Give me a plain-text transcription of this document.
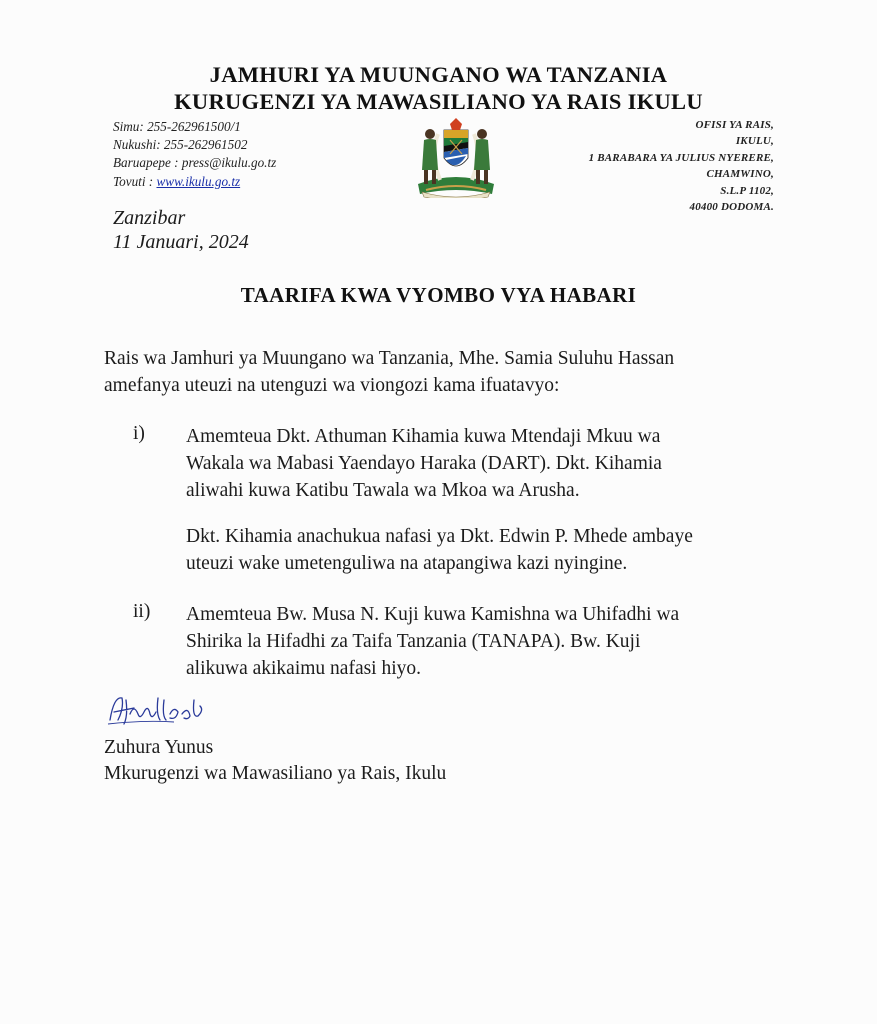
JAMHURI YA MUUNGANO WA TANZANIA
KURUGENZI YA MAWASILIANO YA RAIS IKULU
Simu: 255-262961500/1
Nukushi: 255-262961502
Baruapepe : press@ikulu.go.tz
Tovuti : www.ikulu.go.tz
OFISI YA RAIS,
IKULU,
1 BARABARA YA JULIUS NYERERE,
CHAMWINO,
S.L.P 1102,
40400 DODOMA.
Zanzibar
11 Januari, 2024
TAARIFA KWA VYOMBO VYA HABARI
Rais wa Jamhuri ya Muungano wa Tanzania, Mhe. Samia Suluhu Hassan
amefanya uteuzi na utenguzi wa viongozi kama ifuatavyo:
i) Amemteua Dkt. Athuman Kihamia kuwa Mtendaji Mkuu wa
Wakala wa Mabasi Yaendayo Haraka (DART). Dkt. Kihamia
aliwahi kuwa Katibu Tawala wa Mkoa wa Arusha.
Dkt. Kihamia anachukua nafasi ya Dkt. Edwin P. Mhede ambaye
uteuzi wake umetenguliwa na atapangiwa kazi nyingine.
ii) Amemteua Bw. Musa N. Kuji kuwa Kamishna wa Uhifadhi wa
Shirika la Hifadhi za Taifa Tanzania (TANAPA). Bw. Kuji
alikuwa akikaimu nafasi hiyo.
Zuhura Yunus
Mkurugenzi wa Mawasiliano ya Rais, Ikulu
